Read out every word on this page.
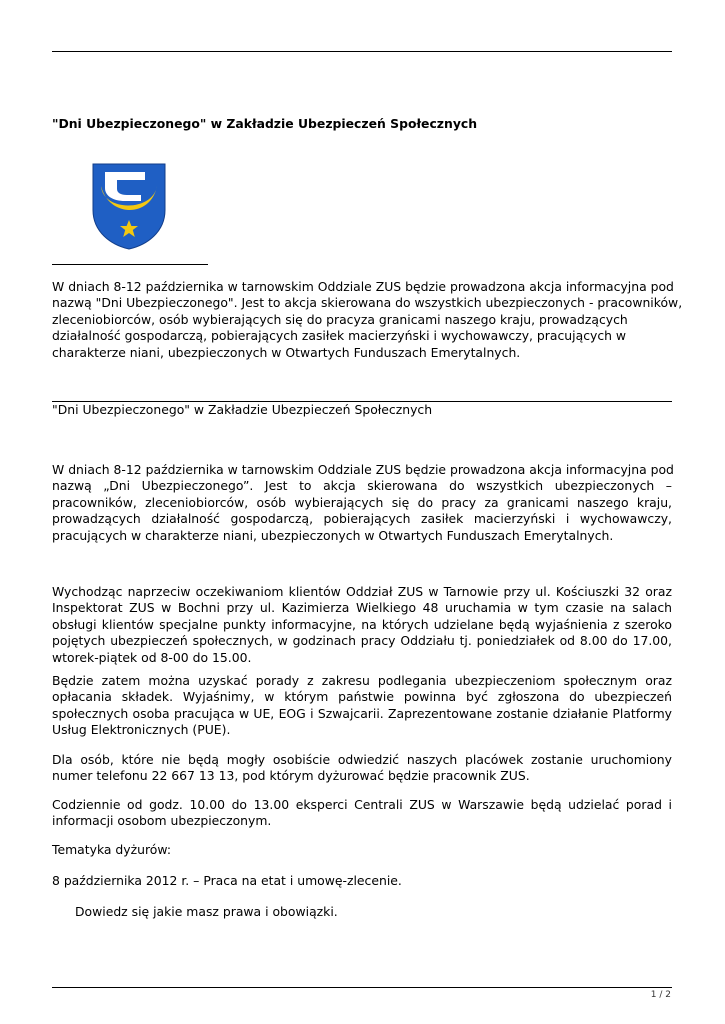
"Dni Ubezpieczonego" w Zakładzie Ubezpieczeń Społecznych
W dniach 8-12 października w tarnowskim Oddziale ZUS będzie prowadzona akcja informacyjna pod
nazwą "Dni Ubezpieczonego". Jest to akcja skierowana do wszystkich ubezpieczonych - pracowników,
zleceniobiorców, osób wybierających się do pracyza granicami naszego kraju, prowadzących
działalność gospodarczą, pobierających zasiłek macierzyński i wychowawczy, pracujących w
charakterze niani, ubezpieczonych w Otwartych Funduszach Emerytalnych.
"Dni Ubezpieczonego" w Zakładzie Ubezpieczeń Społecznych
W dniach 8-12 października w tarnowskim Oddziale ZUS będzie prowadzona akcja informacyjna pod
nazwą „Dni Ubezpieczonego”. Jest to akcja skierowana do wszystkich ubezpieczonych – pracowników, zleceniobiorców, osób wybierających się do pracy za granicami naszego kraju, prowadzących działalność gospodarczą, pobierających zasiłek macierzyński i wychowawczy, pracujących w charakterze niani, ubezpieczonych w Otwartych Funduszach Emerytalnych.

Wychodząc naprzeciw oczekiwaniom klientów Oddział ZUS w Tarnowie przy ul. Kościuszki 32 oraz Inspektorat ZUS w Bochni przy ul. Kazimierza Wielkiego 48 uruchamia w tym czasie na salach obsługi klientów specjalne punkty informacyjne, na których udzielane będą wyjaśnienia z szeroko pojętych ubezpieczeń społecznych, w godzinach pracy Oddziału tj. poniedziałek od 8.00 do 17.00, wtorek-piątek od 8-00 do 15.00.

Będzie zatem można uzyskać porady z zakresu podlegania ubezpieczeniom społecznym oraz opłacania składek. Wyjaśnimy, w którym państwie powinna być zgłoszona do ubezpieczeń społecznych osoba pracująca w UE, EOG i Szwajcarii. Zaprezentowane zostanie działanie Platformy Usług Elektronicznych (PUE).

Dla osób, które nie będą mogły osobiście odwiedzić naszych placówek zostanie uruchomiony numer telefonu 22 667 13 13, pod którym dyżurować będzie pracownik ZUS.

Codziennie od godz. 10.00 do 13.00 eksperci Centrali ZUS w Warszawie będą udzielać porad i informacji osobom ubezpieczonym.

Tematyka dyżurów:

8 października 2012 r. – Praca na etat i umowę-zlecenie.

Dowiedz się jakie masz prawa i obowiązki.

1 / 2
